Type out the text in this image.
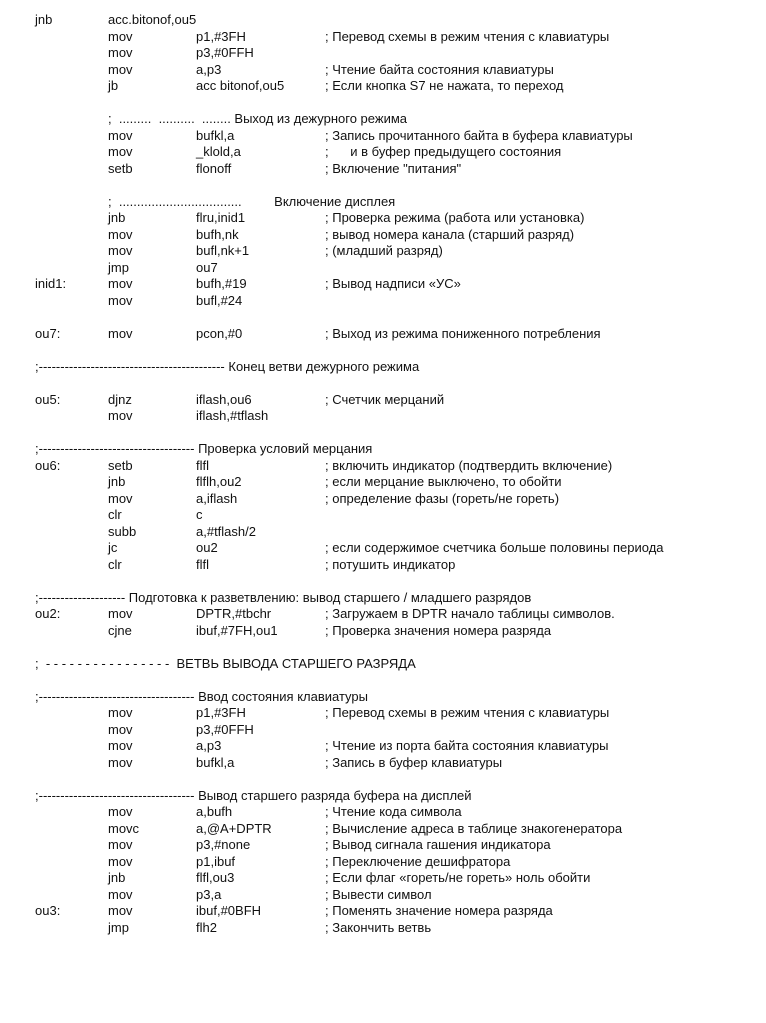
jnb	acc.bitonof,ou5
mov	p1,#3FH	; Перевод схемы в режим чтения с клавиатуры
mov	p3,#0FFH
mov	a,p3	; Чтение байта состояния клавиатуры
jb	acc bitonof,ou5	; Если кнопка S7 не нажата, то переход
;  .........  ..........  ........ Выход из дежурного режима
mov	bufkl,a	; Запись прочитанного байта в буфера клавиатуры
mov	_klold,a	;      и в буфер предыдущего состояния
setb	flonoff	; Включение "питания"
;  ..................................         Включение дисплея
jnb	flru,inid1	; Проверка режима (работа или установка)
mov	bufh,nk	; вывод номера канала (старший разряд)
mov	bufl,nk+1	; (младший разряд)
jmp	ou7
inid1:	mov	bufh,#19	; Вывод надписи «УС»
mov	bufl,#24
ou7:	mov	pcon,#0	; Выход из режима пониженного потребления
;------------------------------------------- Конец ветви дежурного режима
ou5:	djnz	iflash,ou6	; Счетчик мерцаний
mov	iflash,#tflash
;------------------------------------ Проверка условий мерцания
ou6:	setb	flfl	; включить индикатор (подтвердить включение)
jnb	flflh,ou2	; если мерцание выключено, то обойти
mov	a,iflash	; определение фазы (гореть/не гореть)
clr	c
subb	a,#tflash/2
jc	ou2	; если содержимое счетчика больше половины периода
clr	flfl	; потушить индикатор
;-------------------- Подготовка к разветвлению: вывод старшего / младшего разрядов
ou2:	mov	DPTR,#tbchr	; Загружаем в DPTR начало таблицы символов.
cjne	ibuf,#7FH,ou1	; Проверка значения номера разряда
;  - - - - - - - - - - - - - - - -  ВЕТВЬ ВЫВОДА СТАРШЕГО РАЗРЯДА
;------------------------------------ Ввод состояния клавиатуры
mov	p1,#3FH	; Перевод схемы в режим чтения с клавиатуры
mov	p3,#0FFH
mov	a,p3	; Чтение из порта байта состояния клавиатуры
mov	bufkl,a	; Запись в буфер клавиатуры
;------------------------------------ Вывод старшего разряда буфера на дисплей
mov	a,bufh	; Чтение кода символа
movc	a,@A+DPTR	; Вычисление адреса в таблице знакогенератора
mov	p3,#none	; Вывод сигнала гашения индикатора
mov	p1,ibuf	; Переключение дешифратора
jnb	flfl,ou3	; Если флаг «гореть/не гореть» ноль обойти
mov	p3,a	; Вывести символ
ou3:	mov	ibuf,#0BFH	; Поменять значение номера разряда
jmp	flh2	; Закончить ветвь
